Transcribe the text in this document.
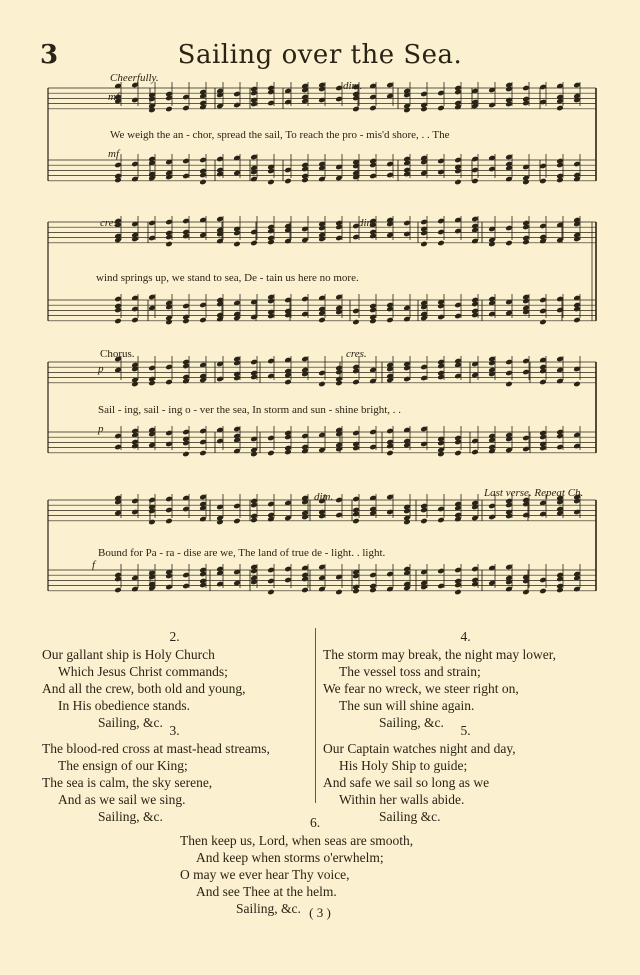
3	Sailing over the Sea.
Cheerfully.
mf
dim.
mf
We weigh the an - chor, spread the sail, To reach the pro - mis'd shore, . . The
cres.	dim.
wind springs up, we stand to sea, De - tain us here no more.
Chorus.	cres.
p
p
Sail - ing, sail - ing o - ver the sea, In storm and sun - shine bright, . .
dim.	Last verse. Repeat Ch.
f
Bound for Pa - ra - dise are we, The land of true de - light. . light.
2.
Our gallant ship is Holy Church
Which Jesus Christ commands;
And all the crew, both old and young,
In His obedience stands.
Sailing, &c.
3.
The blood-red cross at mast-head streams,
The ensign of our King;
The sea is calm, the sky serene,
And as we sail we sing.
Sailing, &c.
4.
The storm may break, the night may lower,
The vessel toss and strain;
We fear no wreck, we steer right on,
The sun will shine again.
Sailing, &c.
5.
Our Captain watches night and day,
His Holy Ship to guide;
And safe we sail so long as we
Within her walls abide.
Sailing &c.
6.
Then keep us, Lord, when seas are smooth,
And keep when storms o'erwhelm;
O may we ever hear Thy voice,
And see Thee at the helm.
Sailing, &c. ( 3 )
